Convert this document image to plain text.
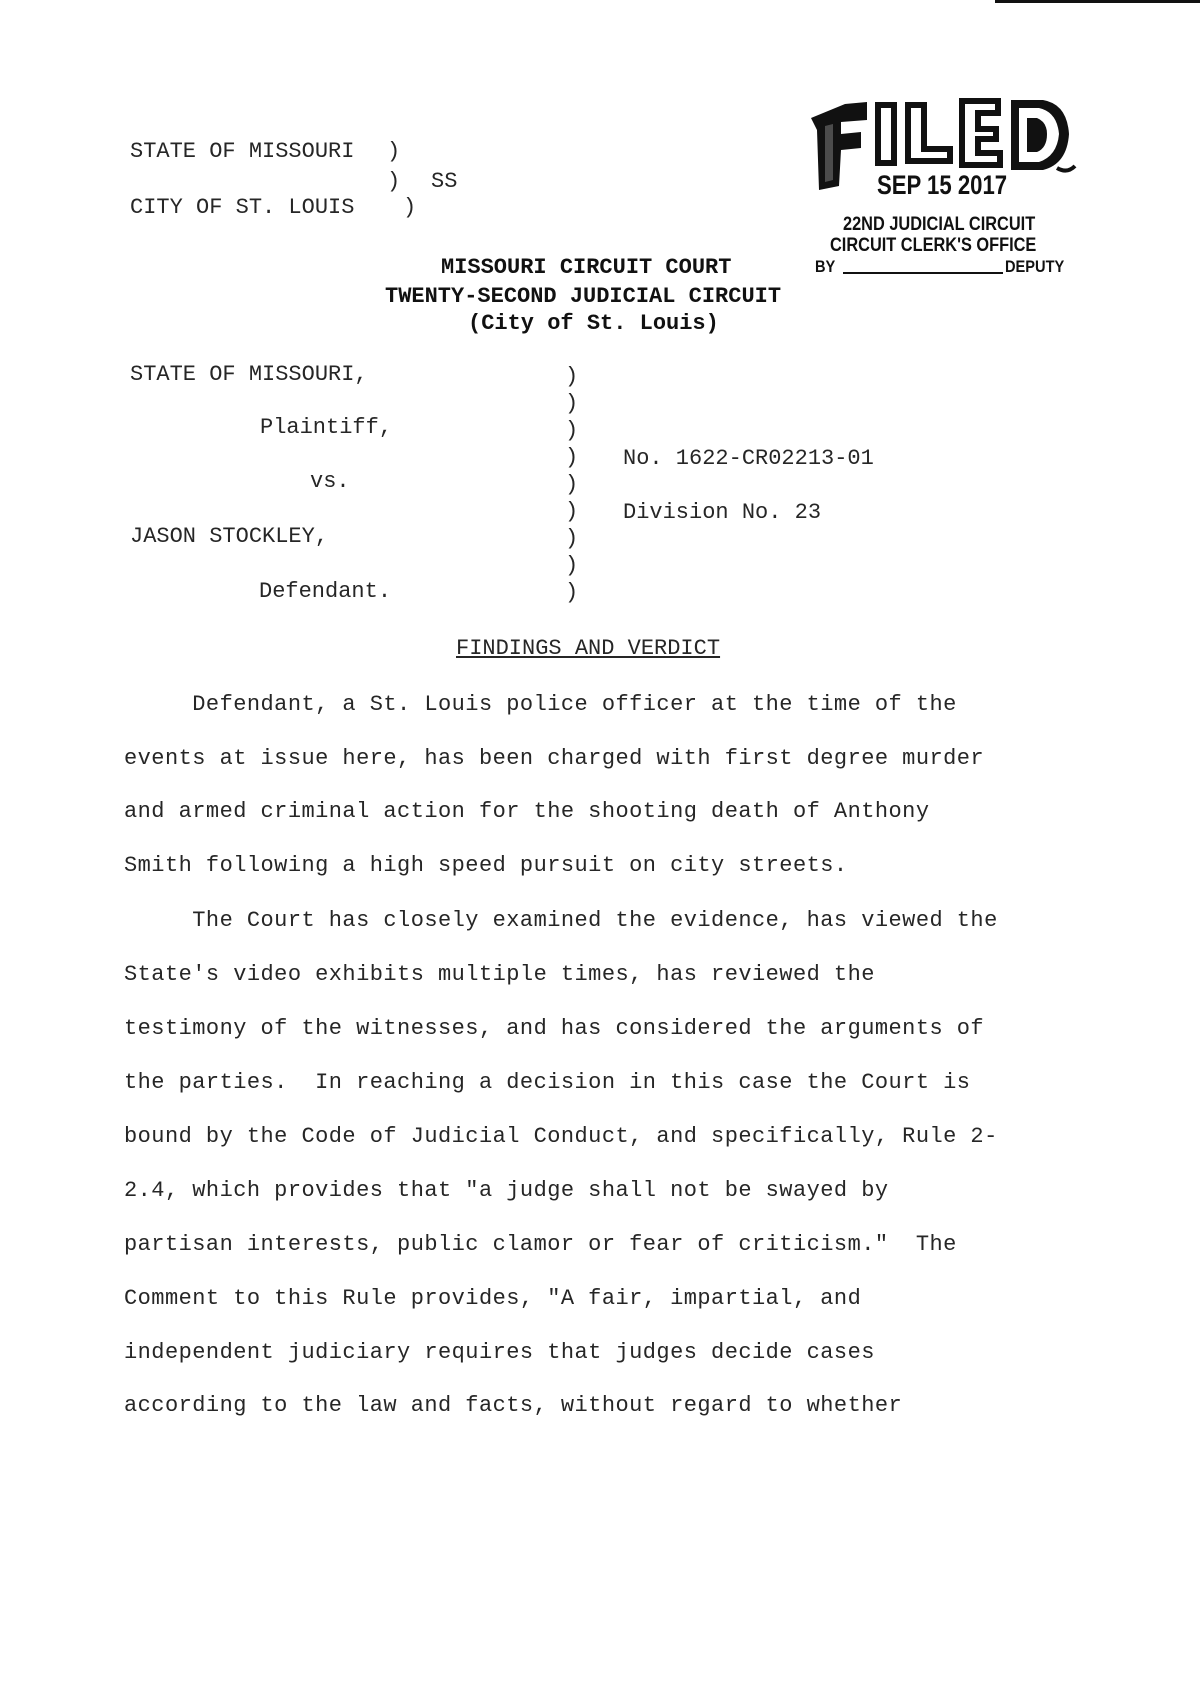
STATE OF MISSOURI )
) SS
CITY OF ST. LOUIS )
SEP 15 2017
22ND JUDICIAL CIRCUIT
CIRCUIT CLERK'S OFFICE
BY	DEPUTY
MISSOURI CIRCUIT COURT
TWENTY-SECOND JUDICIAL CIRCUIT
(City of St. Louis)
STATE OF MISSOURI,
Plaintiff,
vs.
JASON STOCKLEY,
Defendant.
)
)
)
)
)
)
)
)
)
No. 1622-CR02213-01
Division No. 23
FINDINGS AND VERDICT
Defendant, a St. Louis police officer at the time of the
events at issue here, has been charged with first degree murder
and armed criminal action for the shooting death of Anthony
Smith following a high speed pursuit on city streets.
The Court has closely examined the evidence, has viewed the
State's video exhibits multiple times, has reviewed the
testimony of the witnesses, and has considered the arguments of
the parties.  In reaching a decision in this case the Court is
bound by the Code of Judicial Conduct, and specifically, Rule 2-
2.4, which provides that "a judge shall not be swayed by
partisan interests, public clamor or fear of criticism."  The
Comment to this Rule provides, "A fair, impartial, and
independent judiciary requires that judges decide cases
according to the law and facts, without regard to whether
